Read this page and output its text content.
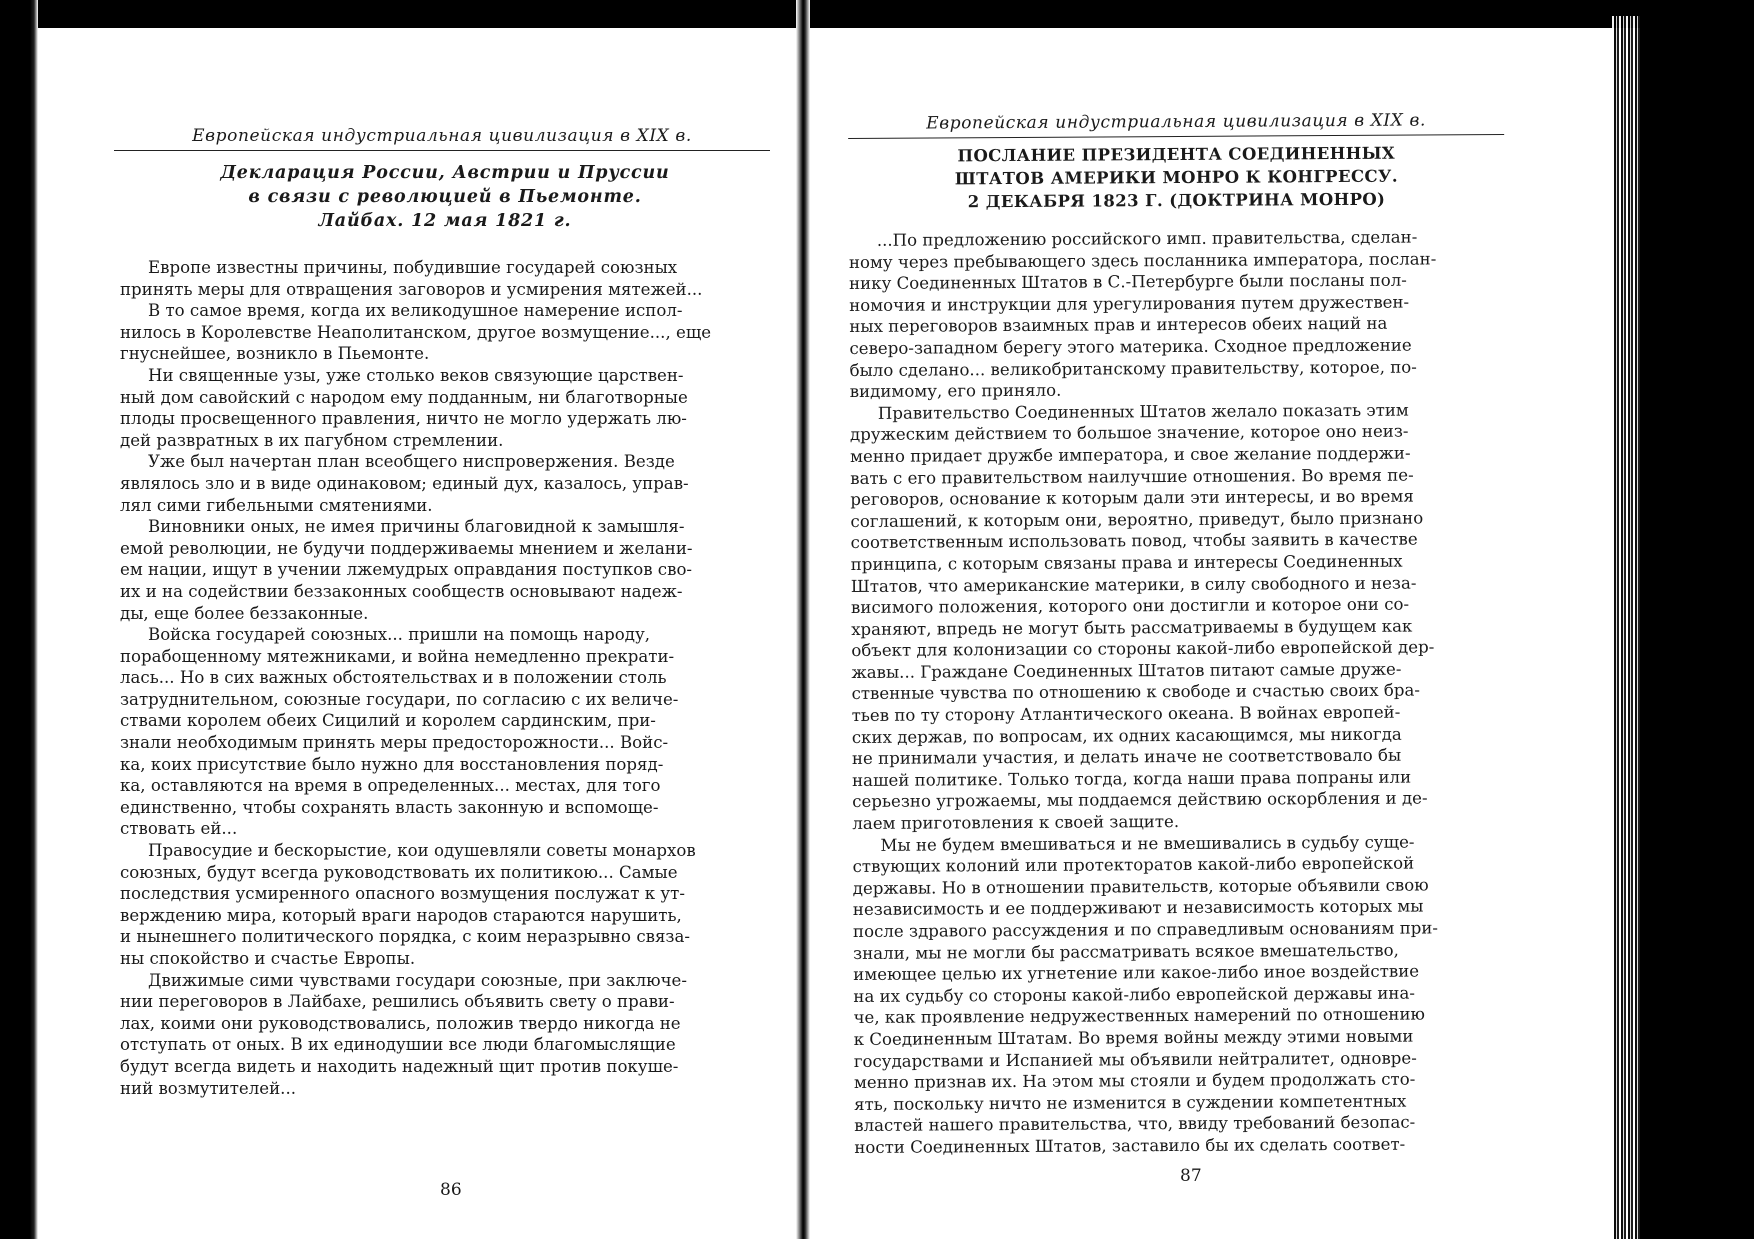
Европейская индустриальная цивилизация в XIX в.
Декларация России, Австрии и Пруссии
в связи с революцией в Пьемонте.
Лайбах. 12 мая 1821 г.
Европе известны причины, побудившие государей союзных
принять меры для отвращения заговоров и усмирения мятежей...
В то самое время, когда их великодушное намерение испол-
нилось в Королевстве Неаполитанском, другое возмущение..., еще
гнуснейшее, возникло в Пьемонте.
Ни священные узы, уже столько веков связующие царствен-
ный дом савойский с народом ему подданным, ни благотворные
плоды просвещенного правления, ничто не могло удержать лю-
дей развратных в их пагубном стремлении.
Уже был начертан план всеобщего ниспровержения. Везде
являлось зло и в виде одинаковом; единый дух, казалось, управ-
лял сими гибельными смятениями.
Виновники оных, не имея причины благовидной к замышля-
емой революции, не будучи поддерживаемы мнением и желани-
ем нации, ищут в учении лжемудрых оправдания поступков сво-
их и на содействии беззаконных сообществ основывают надеж-
ды, еще более беззаконные.
Войска государей союзных... пришли на помощь народу,
порабощенному мятежниками, и война немедленно прекрати-
лась... Но в сих важных обстоятельствах и в положении столь
затруднительном, союзные государи, по согласию с их величе-
ствами королем обеих Сицилий и королем сардинским, при-
знали необходимым принять меры предосторожности... Войс-
ка, коих присутствие было нужно для восстановления поряд-
ка, оставляются на время в определенных... местах, для того
единственно, чтобы сохранять власть законную и вспомоще-
ствовать ей...
Правосудие и бескорыстие, кои одушевляли советы монархов
союзных, будут всегда руководствовать их политикою... Самые
последствия усмиренного опасного возмущения послужат к ут-
верждению мира, который враги народов стараются нарушить,
и нынешнего политического порядка, с коим неразрывно связа-
ны спокойство и счастье Европы.
Движимые сими чувствами государи союзные, при заключе-
нии переговоров в Лайбахе, решились объявить свету о прави-
лах, коими они руководствовались, положив твердо никогда не
отступать от оных. В их единодушии все люди благомыслящие
будут всегда видеть и находить надежный щит против покуше-
ний возмутителей...
86
Европейская индустриальная цивилизация в XIX в.
ПОСЛАНИЕ ПРЕЗИДЕНТА СОЕДИНЕННЫХ
ШТАТОВ АМЕРИКИ МОНРО К КОНГРЕССУ.
2 ДЕКАБРЯ 1823 Г. (ДОКТРИНА МОНРО)
...По предложению российского имп. правительства, сделан-
ному через пребывающего здесь посланника императора, послан-
нику Соединенных Штатов в С.-Петербурге были посланы пол-
номочия и инструкции для урегулирования путем дружествен-
ных переговоров взаимных прав и интересов обеих наций на
северо-западном берегу этого материка. Сходное предложение
было сделано... великобританскому правительству, которое, по-
видимому, его приняло.
Правительство Соединенных Штатов желало показать этим
дружеским действием то большое значение, которое оно неиз-
менно придает дружбе императора, и свое желание поддержи-
вать с его правительством наилучшие отношения. Во время пе-
реговоров, основание к которым дали эти интересы, и во время
соглашений, к которым они, вероятно, приведут, было признано
соответственным использовать повод, чтобы заявить в качестве
принципа, с которым связаны права и интересы Соединенных
Штатов, что американские материки, в силу свободного и неза-
висимого положения, которого они достигли и которое они со-
храняют, впредь не могут быть рассматриваемы в будущем как
объект для колонизации со стороны какой-либо европейской дер-
жавы... Граждане Соединенных Штатов питают самые друже-
ственные чувства по отношению к свободе и счастью своих бра-
тьев по ту сторону Атлантического океана. В войнах европей-
ских держав, по вопросам, их одних касающимся, мы никогда
не принимали участия, и делать иначе не соответствовало бы
нашей политике. Только тогда, когда наши права попраны или
серьезно угрожаемы, мы поддаемся действию оскорбления и де-
лаем приготовления к своей защите.
Мы не будем вмешиваться и не вмешивались в судьбу суще-
ствующих колоний или протекторатов какой-либо европейской
державы. Но в отношении правительств, которые объявили свою
независимость и ее поддерживают и независимость которых мы
после здравого рассуждения и по справедливым основаниям при-
знали, мы не могли бы рассматривать всякое вмешательство,
имеющее целью их угнетение или какое-либо иное воздействие
на их судьбу со стороны какой-либо европейской державы ина-
че, как проявление недружественных намерений по отношению
к Соединенным Штатам. Во время войны между этими новыми
государствами и Испанией мы объявили нейтралитет, одновре-
менно признав их. На этом мы стояли и будем продолжать сто-
ять, поскольку ничто не изменится в суждении компетентных
властей нашего правительства, что, ввиду требований безопас-
ности Соединенных Штатов, заставило бы их сделать соответ-
87
